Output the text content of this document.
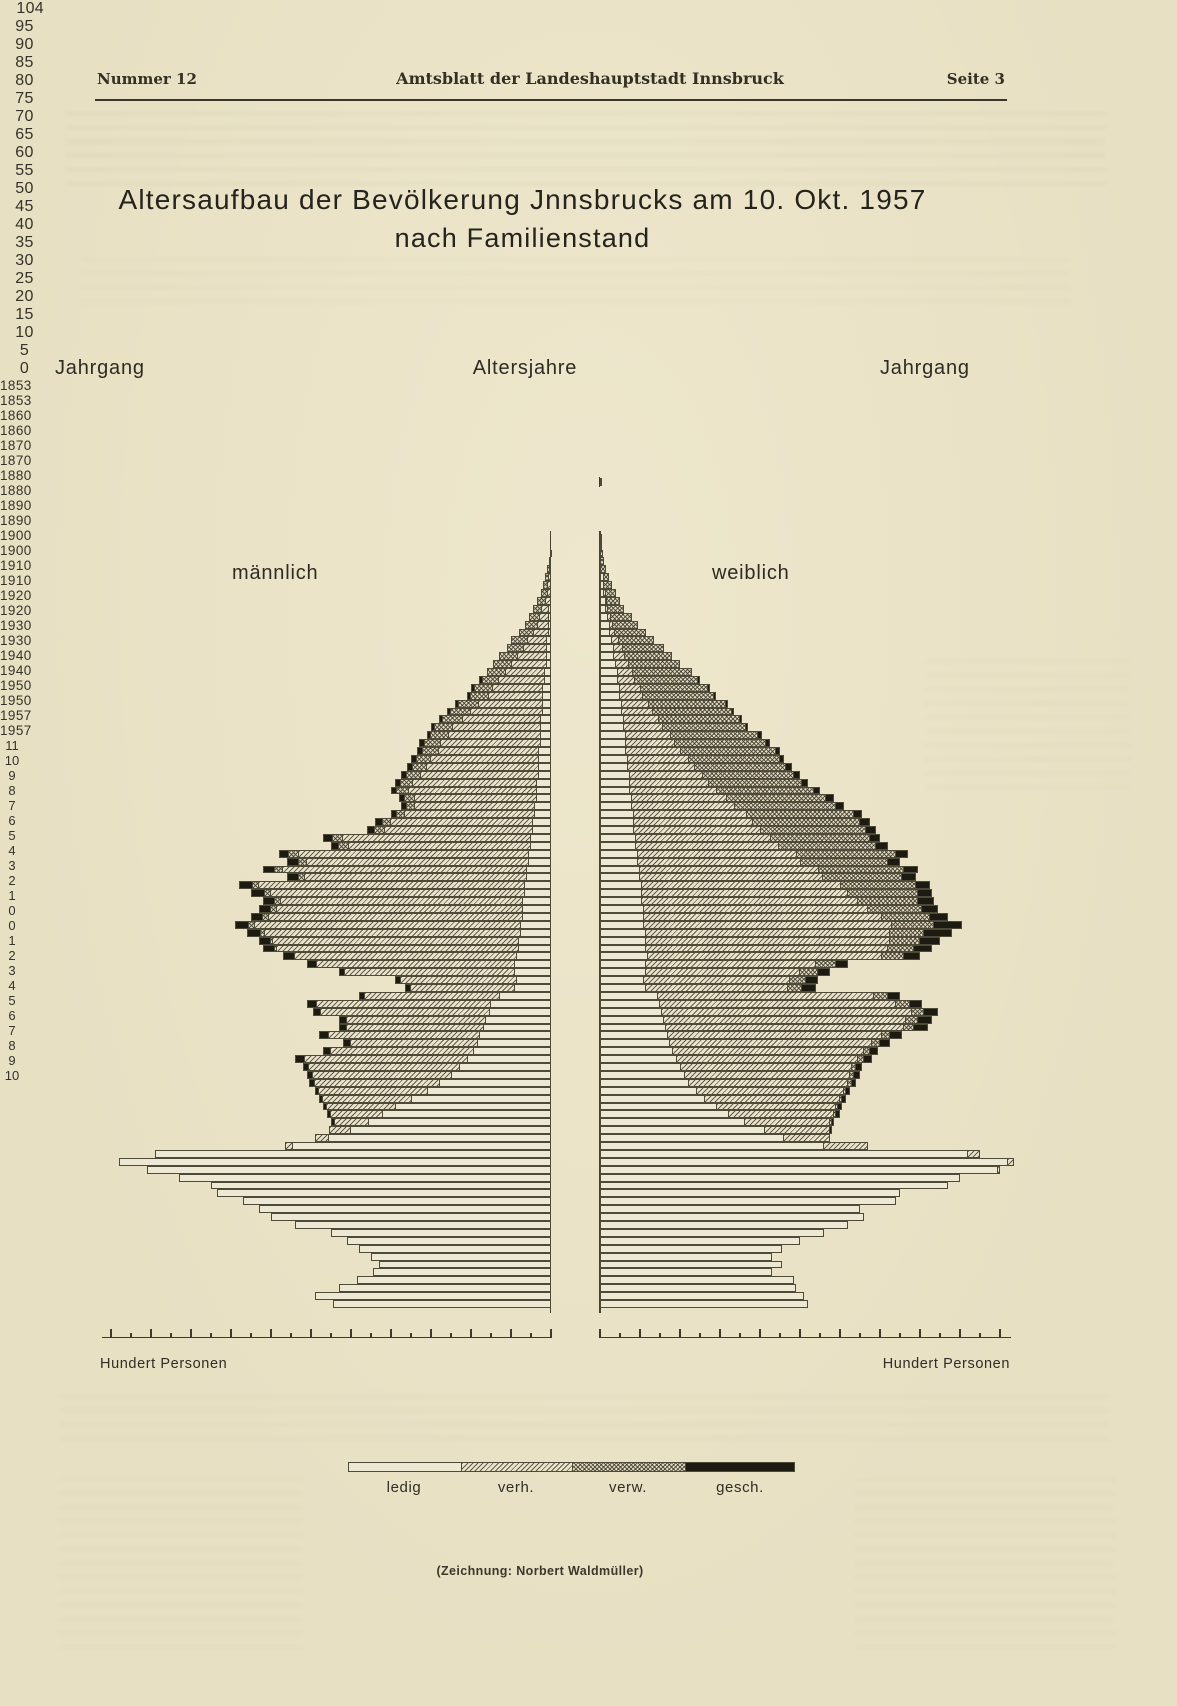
Nummer 12	Amtsblatt der Landeshauptstadt Innsbruck	Seite 3
Altersaufbau der Bevölkerung Jnnsbrucks am 10. Okt. 1957
nach Familienstand
Jahrgang	Altersjahre	Jahrgang
männlich	weiblich
104
95
90
85
80
75
70
65
60
55
50
45
40
35
30
25
20
15
10
5
0
1853
1853
1860
1860
1870
1870
1880
1880
1890
1890
1900
1900
1910
1910
1920
1920
1930
1930
1940
1940
1950
1950
1957
1957
11
10
9
8
7
6
5
4
3
2
1
0
0
1
2
3
4
5
6
7
8
9
10
Hundert Personen	Hundert Personen
ledig	verh.	verw.	gesch.
(Zeichnung: Norbert Waldmüller)
